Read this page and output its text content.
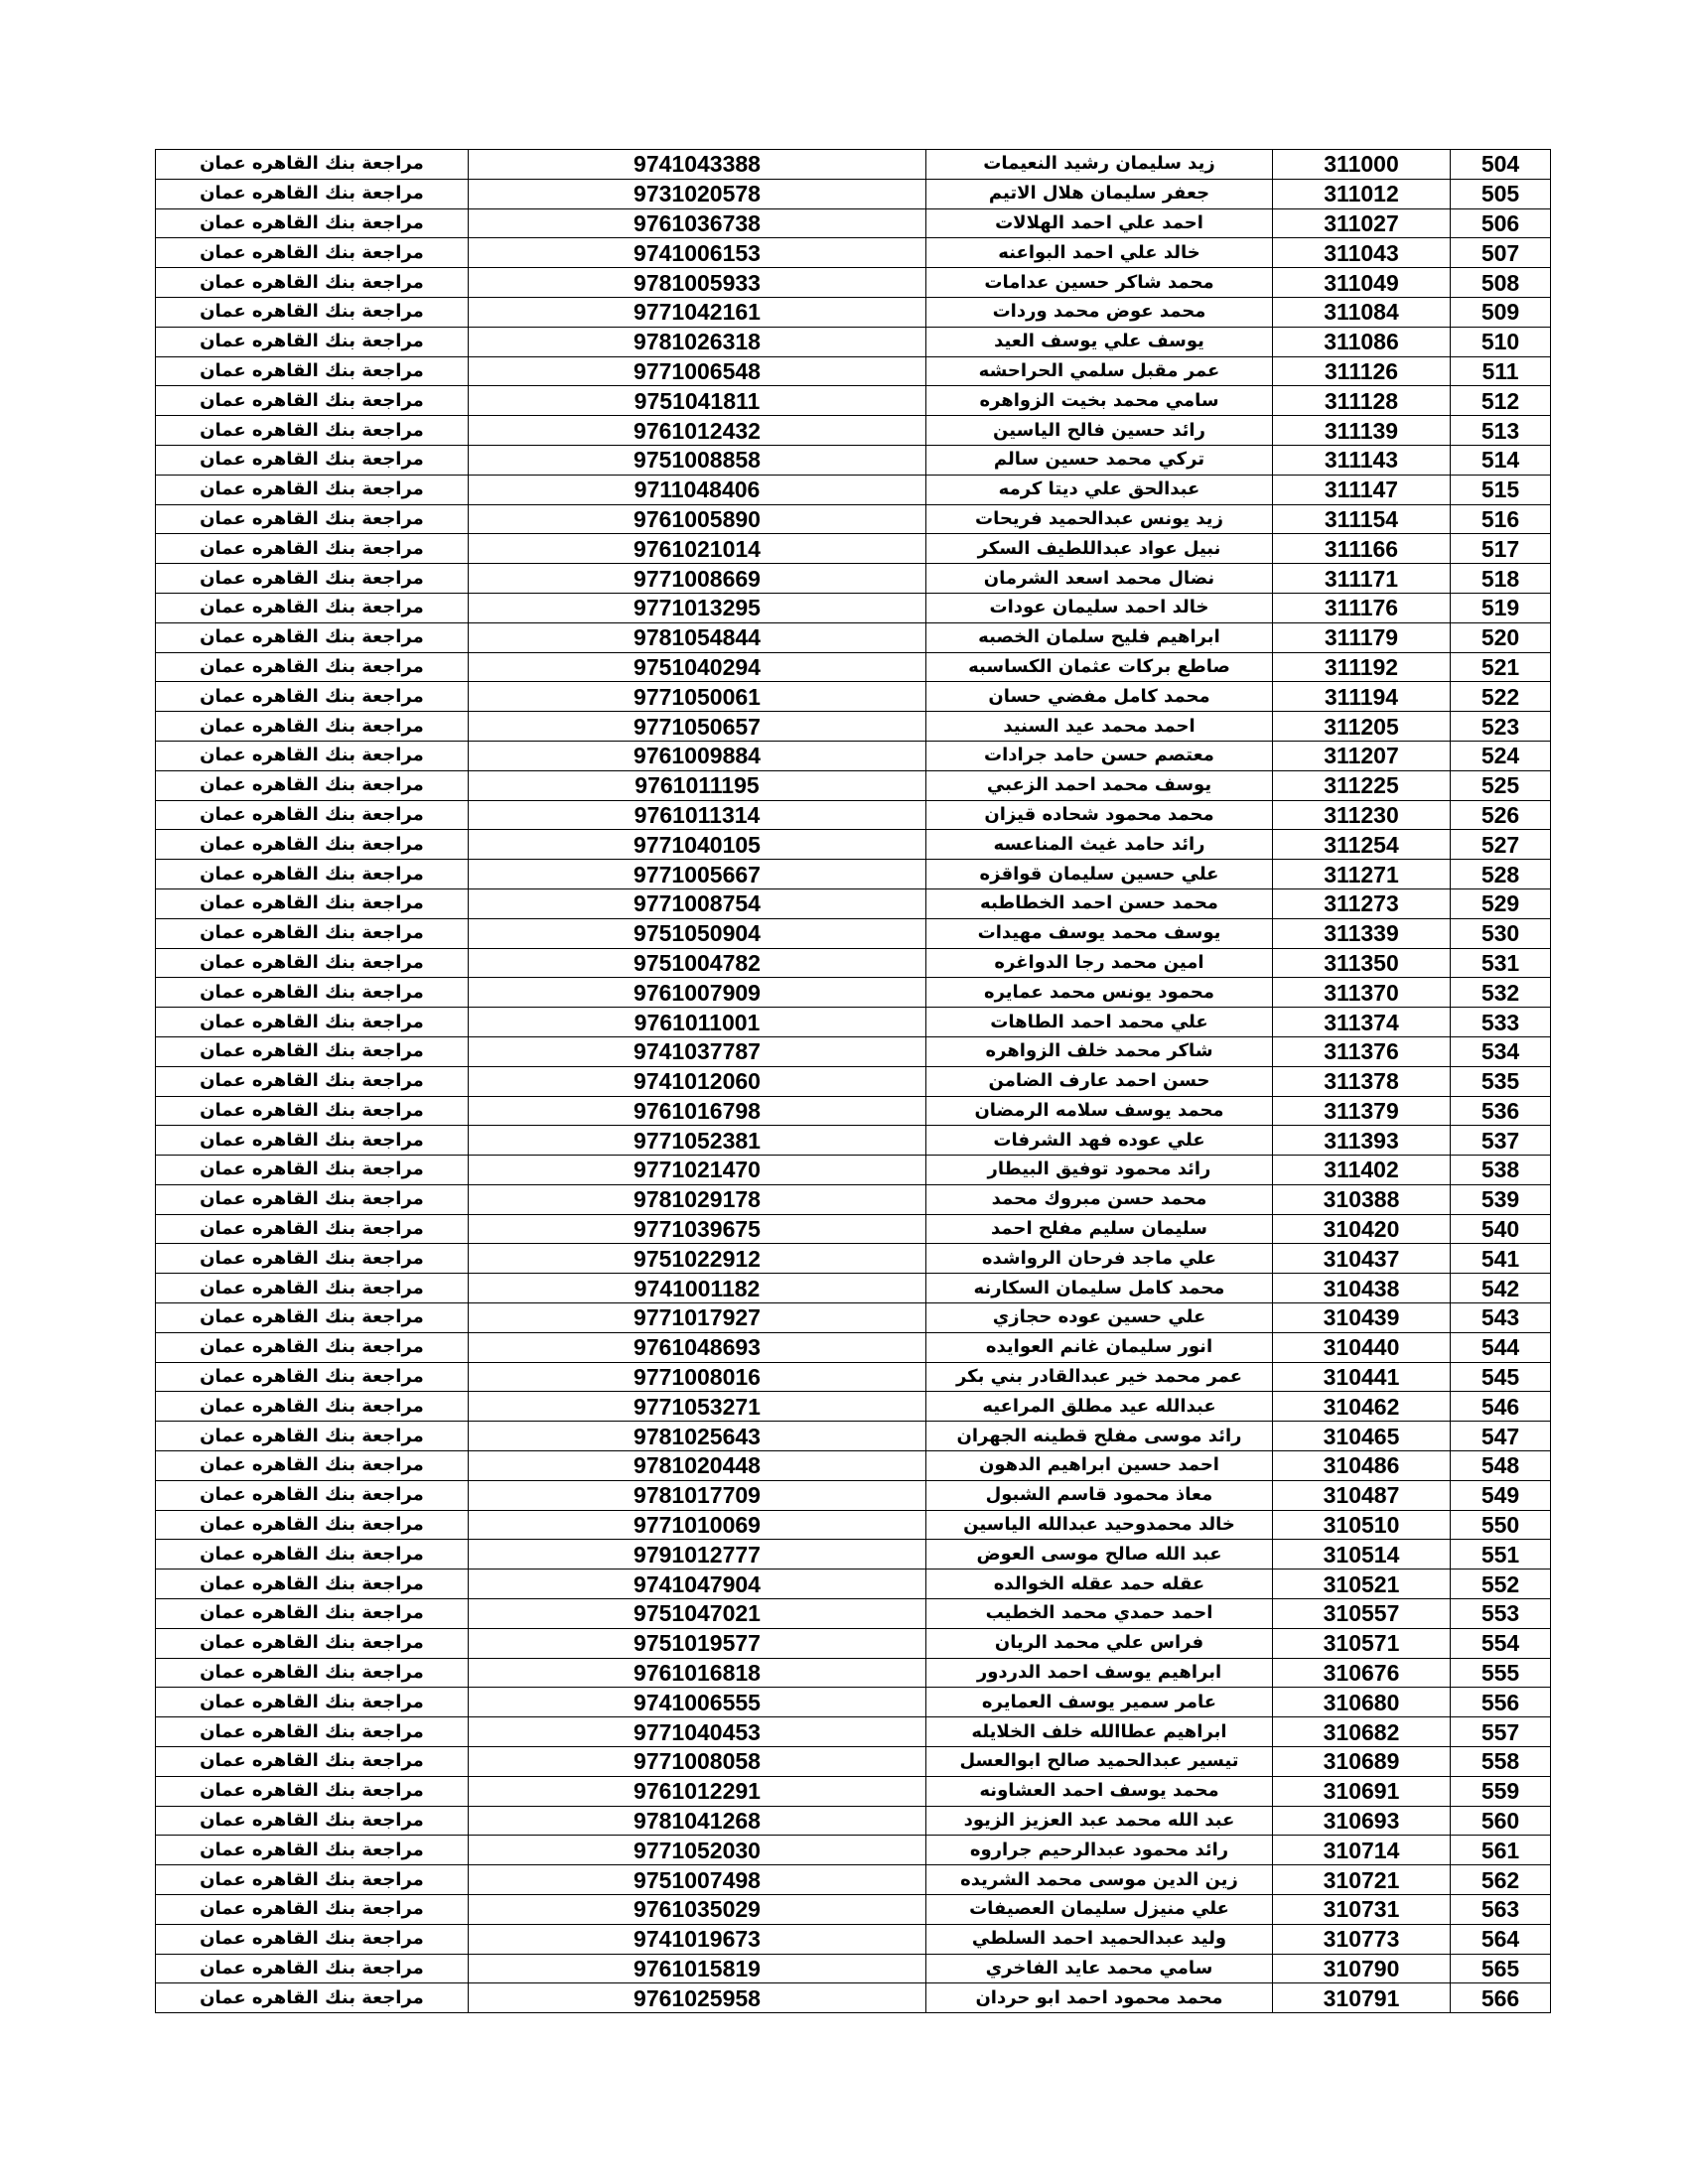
مراجعة بنك القاهره عمان	9741043388	زيد سليمان رشيد النعيمات	311000	504
مراجعة بنك القاهره عمان	9731020578	جعفر سليمان هلال الاتيم	311012	505
مراجعة بنك القاهره عمان	9761036738	احمد علي احمد الهلالات	311027	506
مراجعة بنك القاهره عمان	9741006153	خالد علي احمد البواعنه	311043	507
مراجعة بنك القاهره عمان	9781005933	محمد شاكر حسين عدامات	311049	508
مراجعة بنك القاهره عمان	9771042161	محمد عوض محمد وردات	311084	509
مراجعة بنك القاهره عمان	9781026318	يوسف علي يوسف العيد	311086	510
مراجعة بنك القاهره عمان	9771006548	عمر مقبل سلمي الحراحشه	311126	511
مراجعة بنك القاهره عمان	9751041811	سامي محمد بخيت الزواهره	311128	512
مراجعة بنك القاهره عمان	9761012432	رائد حسين فالح الياسين	311139	513
مراجعة بنك القاهره عمان	9751008858	تركي محمد حسين سالم	311143	514
مراجعة بنك القاهره عمان	9711048406	عبدالحق علي ديتا كرمه	311147	515
مراجعة بنك القاهره عمان	9761005890	زيد يونس عبدالحميد فريحات	311154	516
مراجعة بنك القاهره عمان	9761021014	نبيل عواد عبداللطيف السكر	311166	517
مراجعة بنك القاهره عمان	9771008669	نضال محمد اسعد الشرمان	311171	518
مراجعة بنك القاهره عمان	9771013295	خالد احمد سليمان عودات	311176	519
مراجعة بنك القاهره عمان	9781054844	ابراهيم فليح سلمان الخصبه	311179	520
مراجعة بنك القاهره عمان	9751040294	صاطع بركات عثمان الكساسبه	311192	521
مراجعة بنك القاهره عمان	9771050061	محمد كامل مفضي حسان	311194	522
مراجعة بنك القاهره عمان	9771050657	احمد محمد عيد السنيد	311205	523
مراجعة بنك القاهره عمان	9761009884	معتصم حسن حامد جرادات	311207	524
مراجعة بنك القاهره عمان	9761011195	يوسف محمد احمد الزعبي	311225	525
مراجعة بنك القاهره عمان	9761011314	محمد محمود شحاده قيزان	311230	526
مراجعة بنك القاهره عمان	9771040105	رائد حامد غيث المناعسه	311254	527
مراجعة بنك القاهره عمان	9771005667	علي حسين سليمان قواقزه	311271	528
مراجعة بنك القاهره عمان	9771008754	محمد حسن احمد الخطاطبه	311273	529
مراجعة بنك القاهره عمان	9751050904	يوسف محمد يوسف مهيدات	311339	530
مراجعة بنك القاهره عمان	9751004782	امين محمد رجا الدواغره	311350	531
مراجعة بنك القاهره عمان	9761007909	محمود يونس محمد عمايره	311370	532
مراجعة بنك القاهره عمان	9761011001	علي محمد احمد الطاهات	311374	533
مراجعة بنك القاهره عمان	9741037787	شاكر محمد خلف الزواهره	311376	534
مراجعة بنك القاهره عمان	9741012060	حسن احمد عارف الضامن	311378	535
مراجعة بنك القاهره عمان	9761016798	محمد يوسف سلامه الرمضان	311379	536
مراجعة بنك القاهره عمان	9771052381	علي عوده فهد الشرفات	311393	537
مراجعة بنك القاهره عمان	9771021470	رائد محمود توفيق البيطار	311402	538
مراجعة بنك القاهره عمان	9781029178	محمد حسن مبروك محمد	310388	539
مراجعة بنك القاهره عمان	9771039675	سليمان سليم مفلح احمد	310420	540
مراجعة بنك القاهره عمان	9751022912	علي ماجد فرحان الرواشده	310437	541
مراجعة بنك القاهره عمان	9741001182	محمد كامل سليمان السكارنه	310438	542
مراجعة بنك القاهره عمان	9771017927	علي حسين عوده حجازي	310439	543
مراجعة بنك القاهره عمان	9761048693	انور سليمان غانم العوايده	310440	544
مراجعة بنك القاهره عمان	9771008016	عمر محمد خير عبدالقادر بني بكر	310441	545
مراجعة بنك القاهره عمان	9771053271	عبدالله عيد مطلق المراعيه	310462	546
مراجعة بنك القاهره عمان	9781025643	رائد موسى مفلح قطينه الجهران	310465	547
مراجعة بنك القاهره عمان	9781020448	احمد حسين ابراهيم الدهون	310486	548
مراجعة بنك القاهره عمان	9781017709	معاذ محمود قاسم الشبول	310487	549
مراجعة بنك القاهره عمان	9771010069	خالد محمدوحيد عبدالله الياسين	310510	550
مراجعة بنك القاهره عمان	9791012777	عبد الله صالح موسى العوض	310514	551
مراجعة بنك القاهره عمان	9741047904	عقله حمد عقله الخوالده	310521	552
مراجعة بنك القاهره عمان	9751047021	احمد حمدي محمد الخطيب	310557	553
مراجعة بنك القاهره عمان	9751019577	فراس علي محمد الريان	310571	554
مراجعة بنك القاهره عمان	9761016818	ابراهيم يوسف احمد الدردور	310676	555
مراجعة بنك القاهره عمان	9741006555	عامر سمير يوسف العمايره	310680	556
مراجعة بنك القاهره عمان	9771040453	ابراهيم عطاالله خلف الخلايله	310682	557
مراجعة بنك القاهره عمان	9771008058	تيسير عبدالحميد صالح ابوالعسل	310689	558
مراجعة بنك القاهره عمان	9761012291	محمد يوسف احمد العشاونه	310691	559
مراجعة بنك القاهره عمان	9781041268	عبد الله محمد عبد العزيز الزيود	310693	560
مراجعة بنك القاهره عمان	9771052030	رائد محمود عبدالرحيم جراروه	310714	561
مراجعة بنك القاهره عمان	9751007498	زين الدين موسى محمد الشريده	310721	562
مراجعة بنك القاهره عمان	9761035029	علي منيزل سليمان العصيفات	310731	563
مراجعة بنك القاهره عمان	9741019673	وليد عبدالحميد احمد السلطي	310773	564
مراجعة بنك القاهره عمان	9761015819	سامي محمد عايد الفاخري	310790	565
مراجعة بنك القاهره عمان	9761025958	محمد محمود احمد ابو حردان	310791	566
